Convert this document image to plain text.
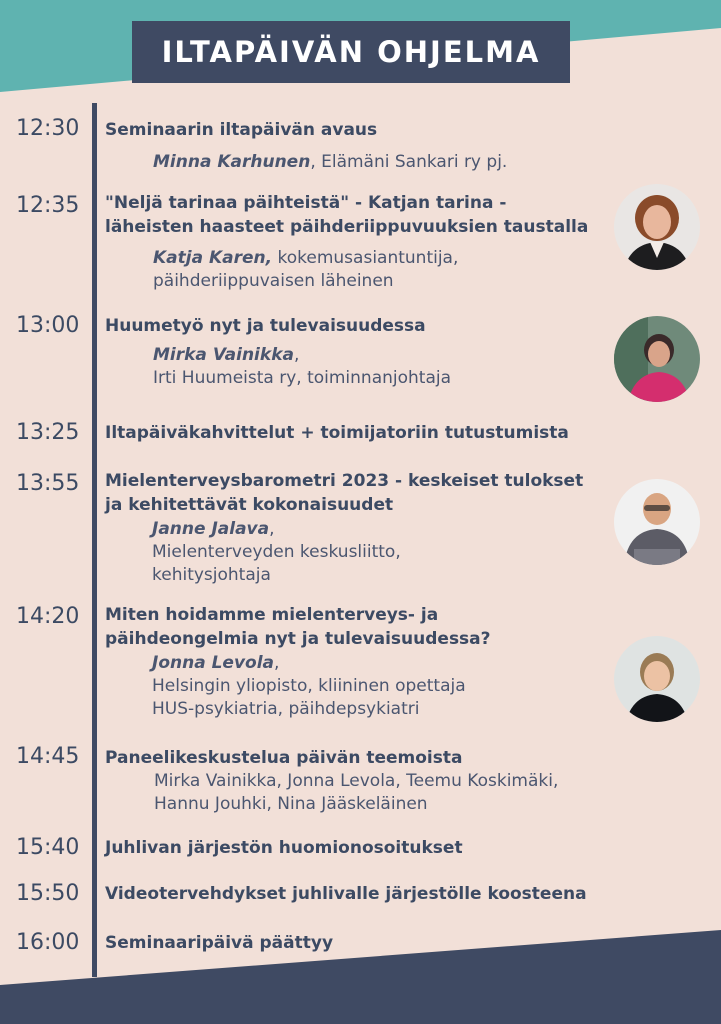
ILTAPÄIVÄN OHJELMA
12:30	Seminaarin iltapäivän avaus
Minna Karhunen, Elämäni Sankari ry pj.
12:35	"Neljä tarinaa päihteistä" - Katjan tarina -
läheisten haasteet päihderiippuvuuksien taustalla
Katja Karen, kokemusasiantuntija,
päihderiippuvaisen läheinen
13:00	Huumetyö nyt ja tulevaisuudessa
Mirka Vainikka,
Irti Huumeista ry, toiminnanjohtaja
13:25	Iltapäiväkahvittelut + toimijatoriin tutustumista
13:55	Mielenterveysbarometri 2023 - keskeiset tulokset
ja kehitettävät kokonaisuudet
Janne Jalava,
Mielenterveyden keskusliitto,
kehitysjohtaja
14:20	Miten hoidamme mielenterveys- ja
päihdeongelmia nyt ja tulevaisuudessa?
Jonna Levola,
Helsingin yliopisto, kliininen opettaja
HUS-psykiatria, päihdepsykiatri
14:45	Paneelikeskustelua päivän teemoista
Mirka Vainikka, Jonna Levola, Teemu Koskimäki,
Hannu Jouhki, Nina Jääskeläinen
15:40	Juhlivan järjestön huomionosoitukset
15:50	Videotervehdykset juhlivalle järjestölle koosteena
16:00	Seminaaripäivä päättyy
